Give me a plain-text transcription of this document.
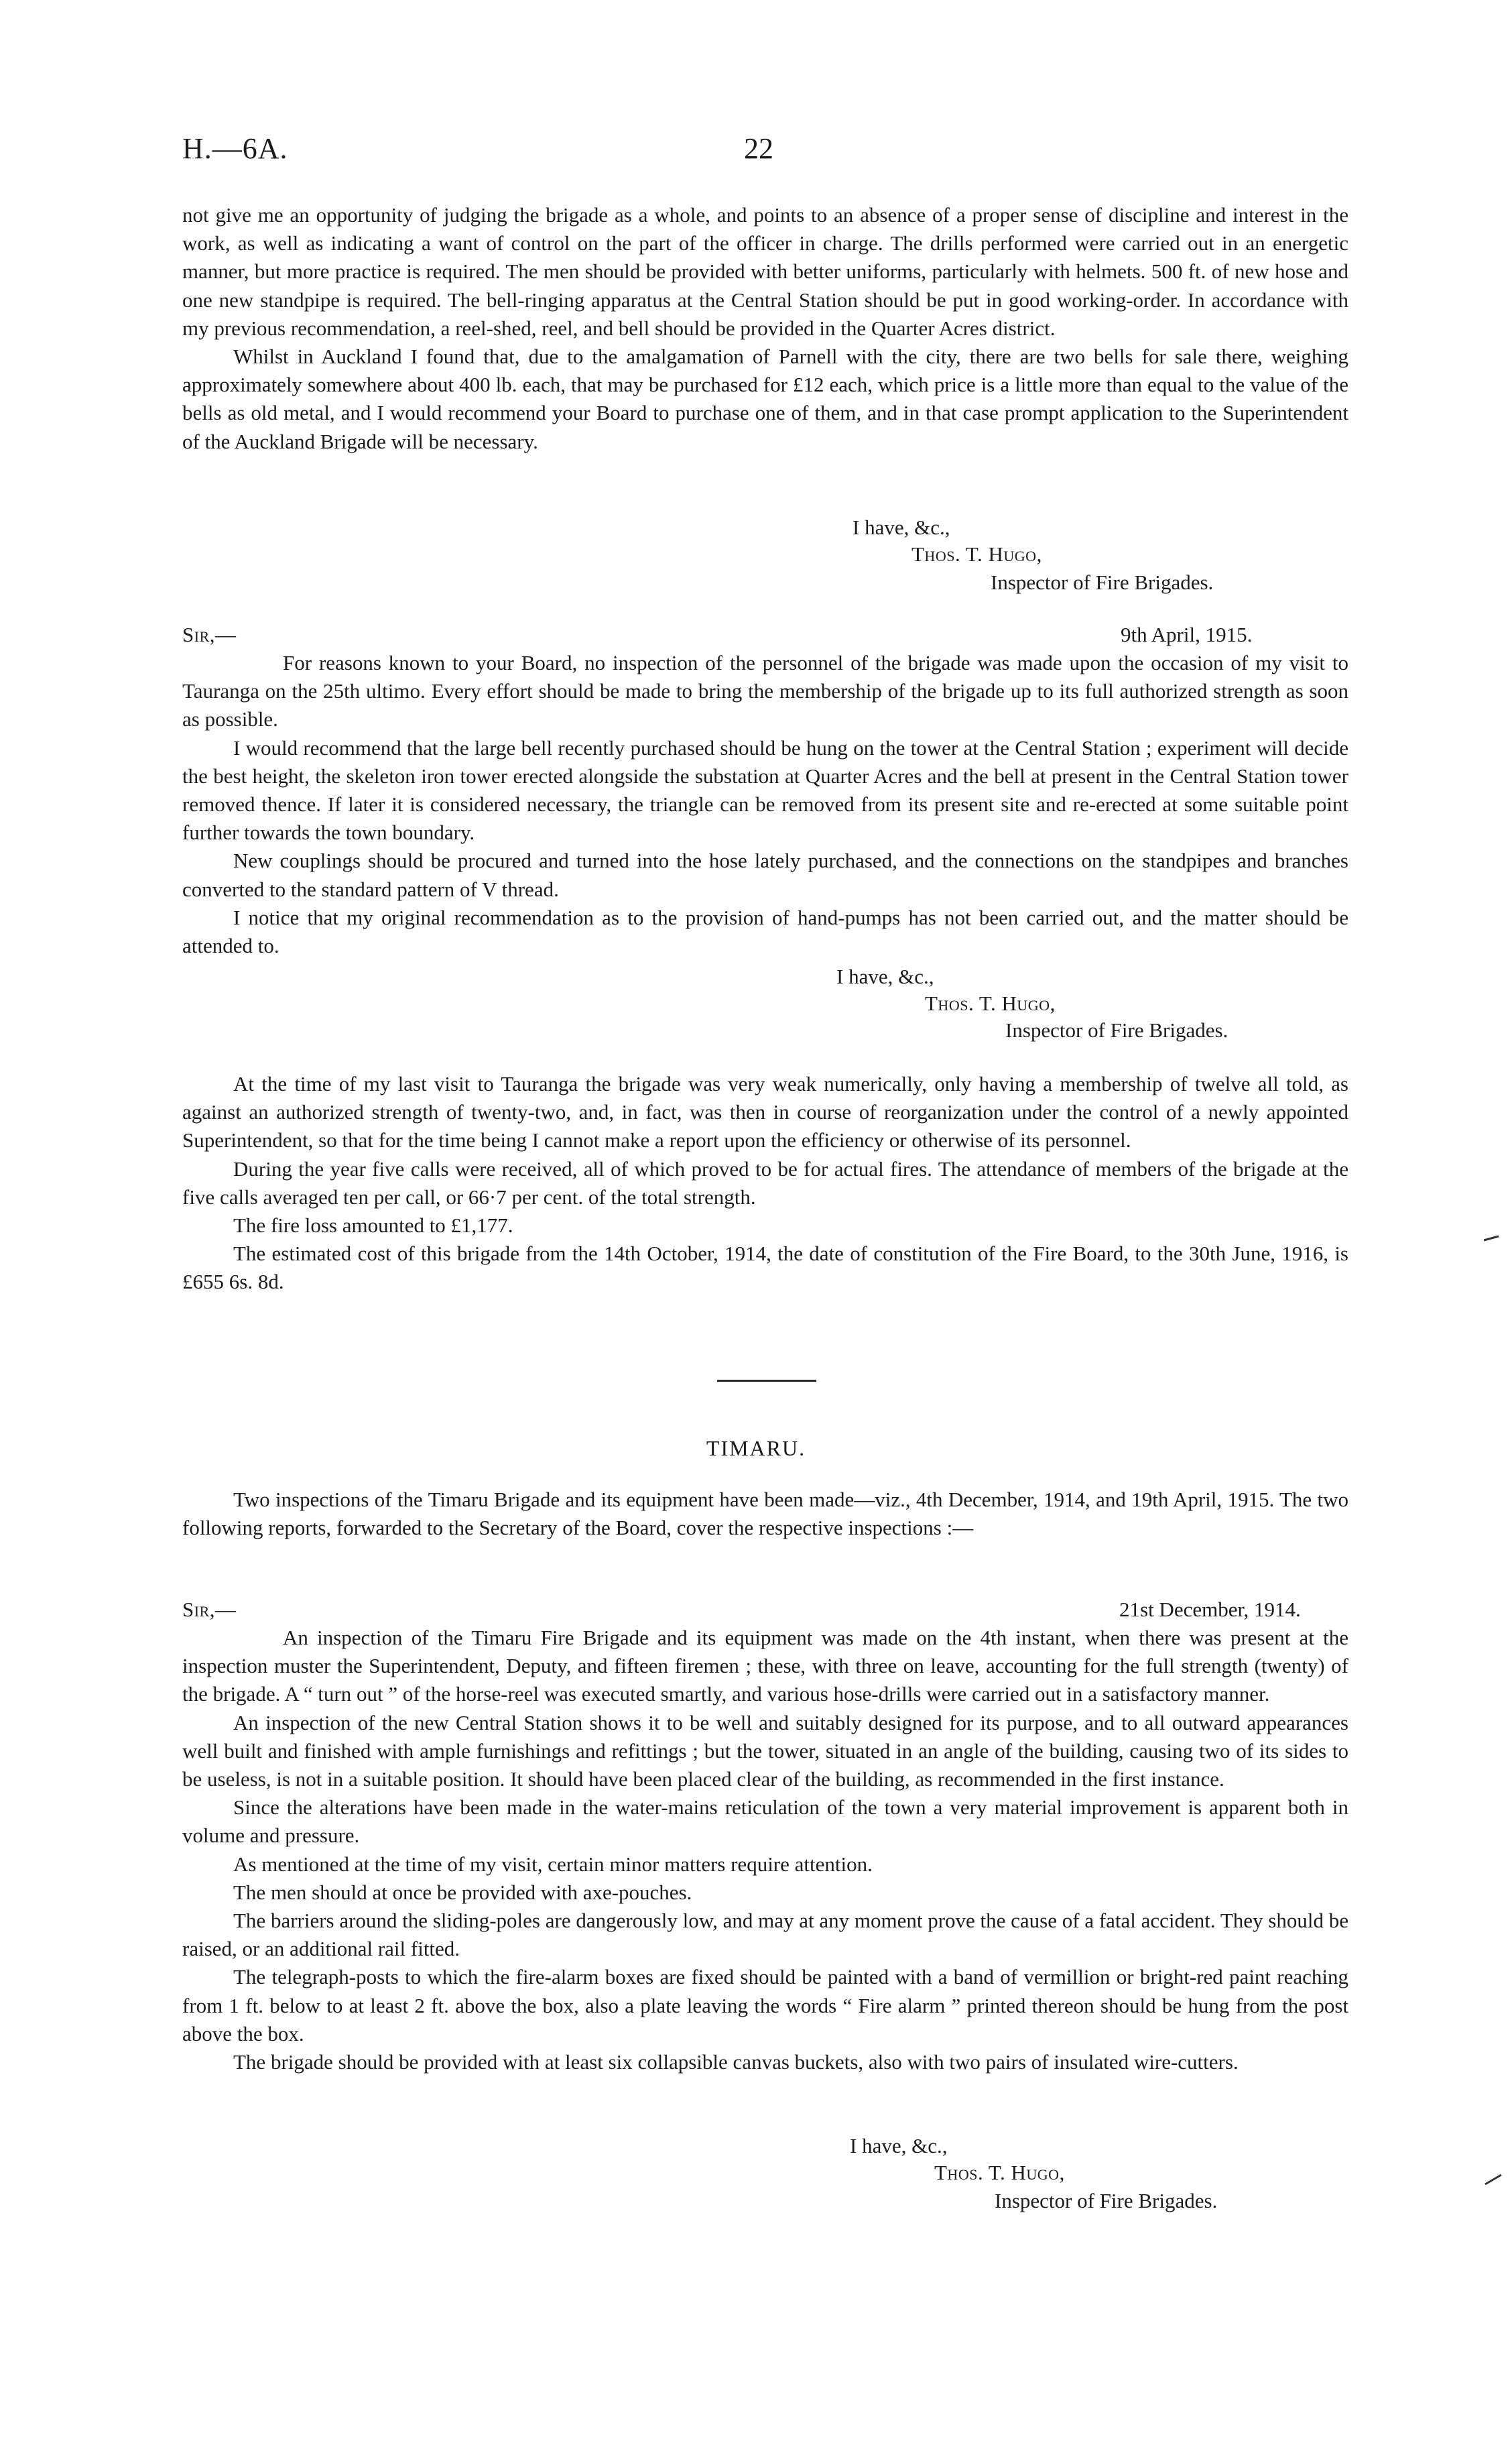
H.—6A.	22

not give me an opportunity of judging the brigade as a whole, and points to an absence of a proper sense of discipline and interest in the work, as well as indicating a want of control on the part of the officer in charge. The drills performed were carried out in an energetic manner, but more practice is required. The men should be provided with better uniforms, particularly with helmets. 500 ft. of new hose and one new standpipe is required. The bell-ringing apparatus at the Central Station should be put in good working-order. In accordance with my previous recommendation, a reel-shed, reel, and bell should be provided in the Quarter Acres district.

Whilst in Auckland I found that, due to the amalgamation of Parnell with the city, there are two bells for sale there, weighing approximately somewhere about 400 lb. each, that may be purchased for £12 each, which price is a little more than equal to the value of the bells as old metal, and I would recommend your Board to purchase one of them, and in that case prompt application to the Superintendent of the Auckland Brigade will be necessary.

I have, &c.,
Thos. T. Hugo,
Inspector of Fire Brigades.
Sir,—	9th April, 1915.

For reasons known to your Board, no inspection of the personnel of the brigade was made upon the occasion of my visit to Tauranga on the 25th ultimo. Every effort should be made to bring the membership of the brigade up to its full authorized strength as soon as possible.

I would recommend that the large bell recently purchased should be hung on the tower at the Central Station ; experiment will decide the best height, the skeleton iron tower erected alongside the substation at Quarter Acres and the bell at present in the Central Station tower removed thence. If later it is considered necessary, the triangle can be removed from its present site and re-erected at some suitable point further towards the town boundary.

New couplings should be procured and turned into the hose lately purchased, and the connections on the standpipes and branches converted to the standard pattern of V thread.

I notice that my original recommendation as to the provision of hand-pumps has not been carried out, and the matter should be attended to.

I have, &c.,
Thos. T. Hugo,
Inspector of Fire Brigades.

At the time of my last visit to Tauranga the brigade was very weak numerically, only having a membership of twelve all told, as against an authorized strength of twenty-two, and, in fact, was then in course of reorganization under the control of a newly appointed Superintendent, so that for the time being I cannot make a report upon the efficiency or otherwise of its personnel.

During the year five calls were received, all of which proved to be for actual fires. The attendance of members of the brigade at the five calls averaged ten per call, or 66·7 per cent. of the total strength.

The fire loss amounted to £1,177.

The estimated cost of this brigade from the 14th October, 1914, the date of constitution of the Fire Board, to the 30th June, 1916, is £655 6s. 8d.

TIMARU.

Two inspections of the Timaru Brigade and its equipment have been made—viz., 4th December, 1914, and 19th April, 1915. The two following reports, forwarded to the Secretary of the Board, cover the respective inspections :—

Sir,—	21st December, 1914.

An inspection of the Timaru Fire Brigade and its equipment was made on the 4th instant, when there was present at the inspection muster the Superintendent, Deputy, and fifteen firemen ; these, with three on leave, accounting for the full strength (twenty) of the brigade. A “ turn out ” of the horse-reel was executed smartly, and various hose-drills were carried out in a satisfactory manner.

An inspection of the new Central Station shows it to be well and suitably designed for its purpose, and to all outward appearances well built and finished with ample furnishings and refittings ; but the tower, situated in an angle of the building, causing two of its sides to be useless, is not in a suitable position. It should have been placed clear of the building, as recommended in the first instance.

Since the alterations have been made in the water-mains reticulation of the town a very material improvement is apparent both in volume and pressure.

As mentioned at the time of my visit, certain minor matters require attention.

The men should at once be provided with axe-pouches.

The barriers around the sliding-poles are dangerously low, and may at any moment prove the cause of a fatal accident. They should be raised, or an additional rail fitted.

The telegraph-posts to which the fire-alarm boxes are fixed should be painted with a band of vermillion or bright-red paint reaching from 1 ft. below to at least 2 ft. above the box, also a plate leaving the words “ Fire alarm ” printed thereon should be hung from the post above the box.

The brigade should be provided with at least six collapsible canvas buckets, also with two pairs of insulated wire-cutters.

I have, &c.,
Thos. T. Hugo,
Inspector of Fire Brigades.
